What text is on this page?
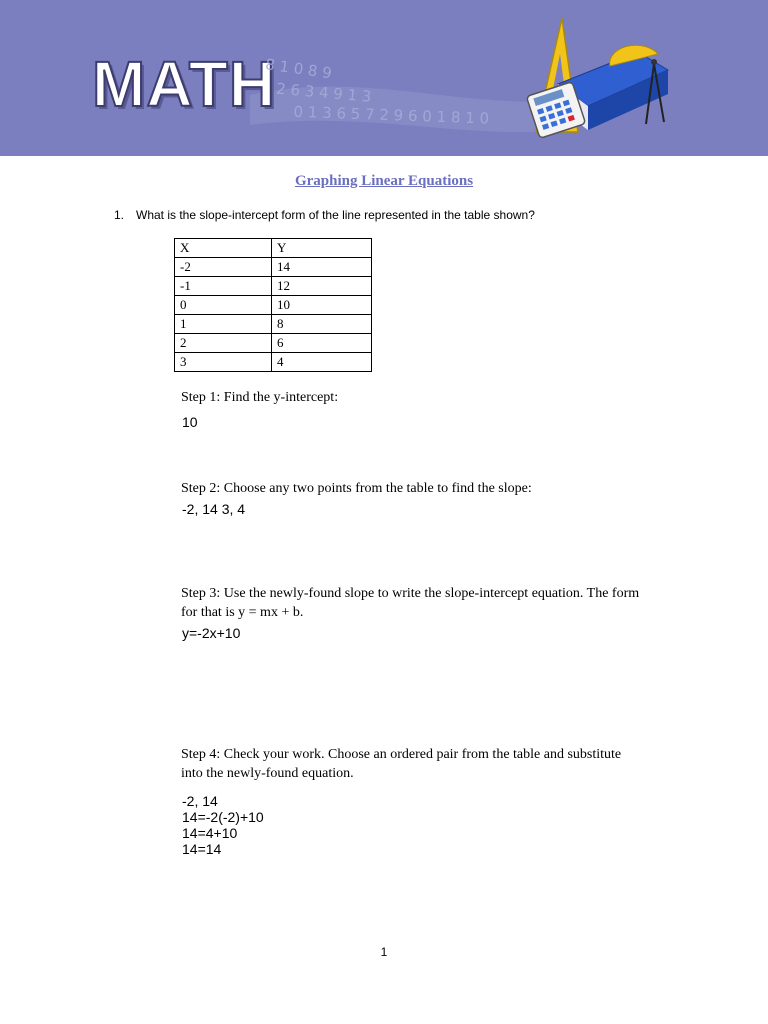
MATH
8 1 0 8 9
2 6 3 4 9 1 3
0 1 3 6 5 7 2 9 6 0 1 8 1 0
Graphing Linear Equations
1. What is the slope-intercept form of the line represented in the table shown?
X	Y
-2	14
-1	12
0	10
1	8
2	6
3	4
Step 1: Find the y-intercept:
10
Step 2: Choose any two points from the table to find the slope:
-2, 14 3, 4
Step 3: Use the newly-found slope to write the slope-intercept equation. The form
for that is y = mx + b.
y=-2x+10
Step 4: Check your work. Choose an ordered pair from the table and substitute
into the newly-found equation.
-2, 14
14=-2(-2)+10
14=4+10
14=14
1
